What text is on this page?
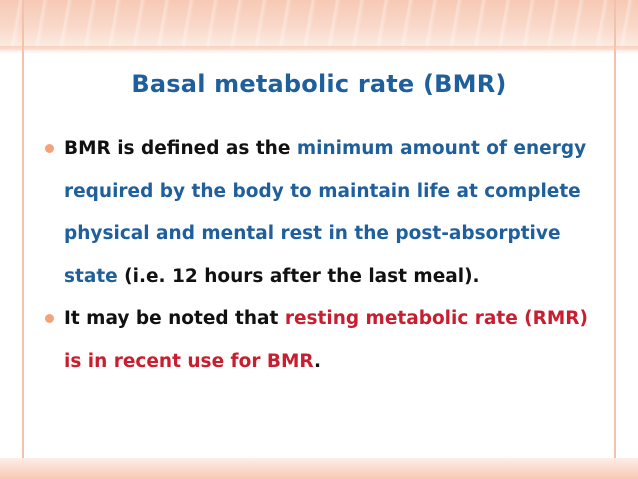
Basal metabolic rate (BMR)
BMR is defined as the minimum amount of energy required by the body to maintain life at complete physical and mental rest in the post-absorptive state (i.e. 12 hours after the last meal).
It may be noted that resting metabolic rate (RMR) is in recent use for BMR.
